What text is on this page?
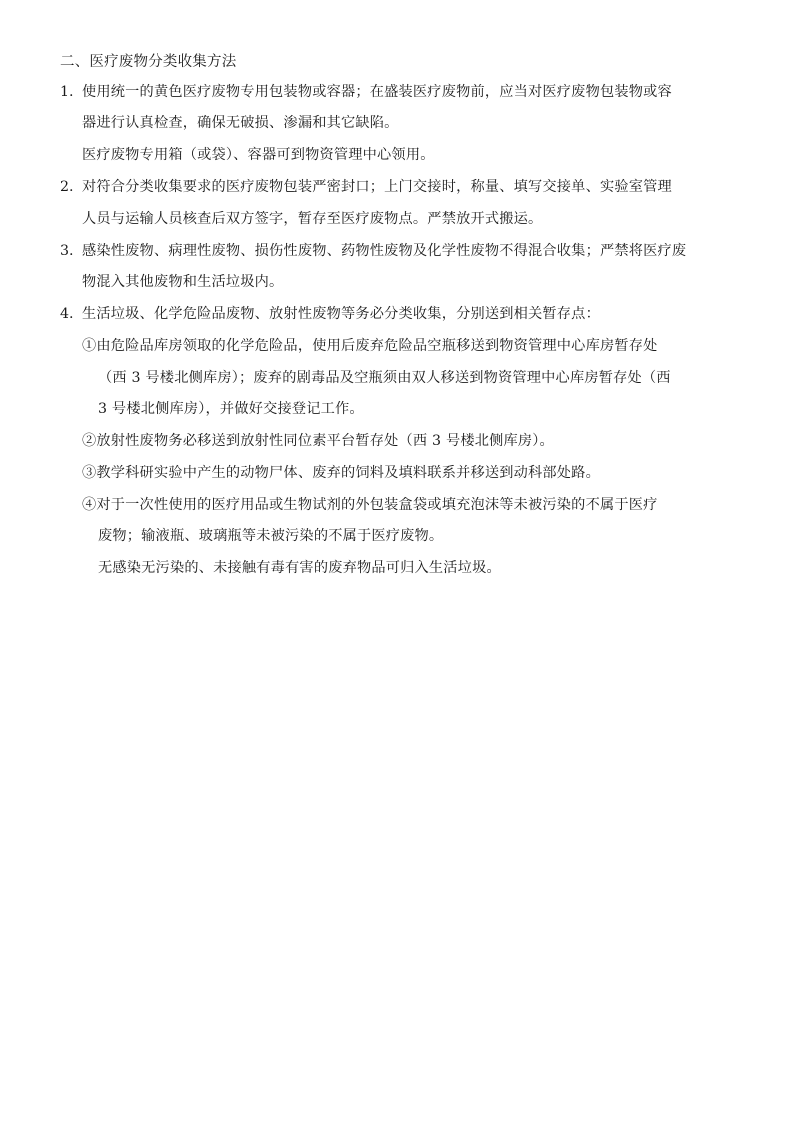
二、医疗废物分类收集方法
1. 使用统一的黄色医疗废物专用包装物或容器；在盛装医疗废物前，应当对医疗废物包装物或容
器进行认真检查，确保无破损、渗漏和其它缺陷。
医疗废物专用箱（或袋）、容器可到物资管理中心领用。
2. 对符合分类收集要求的医疗废物包装严密封口；上门交接时，称量、填写交接单、实验室管理
人员与运输人员核查后双方签字，暂存至医疗废物点。严禁放开式搬运。
3. 感染性废物、病理性废物、损伤性废物、药物性废物及化学性废物不得混合收集；严禁将医疗废
物混入其他废物和生活垃圾内。
4. 生活垃圾、化学危险品废物、放射性废物等务必分类收集，分别送到相关暂存点：
①由危险品库房领取的化学危险品，使用后废弃危险品空瓶移送到物资管理中心库房暂存处
（西 3 号楼北侧库房）；废弃的剧毒品及空瓶须由双人移送到物资管理中心库房暂存处（西
3 号楼北侧库房），并做好交接登记工作。
②放射性废物务必移送到放射性同位素平台暂存处（西 3 号楼北侧库房）。
③教学科研实验中产生的动物尸体、废弃的饲料及填料联系并移送到动科部处路。
④对于一次性使用的医疗用品或生物试剂的外包装盒袋或填充泡沫等未被污染的不属于医疗
废物；输液瓶、玻璃瓶等未被污染的不属于医疗废物。
无感染无污染的、未接触有毒有害的废弃物品可归入生活垃圾。
